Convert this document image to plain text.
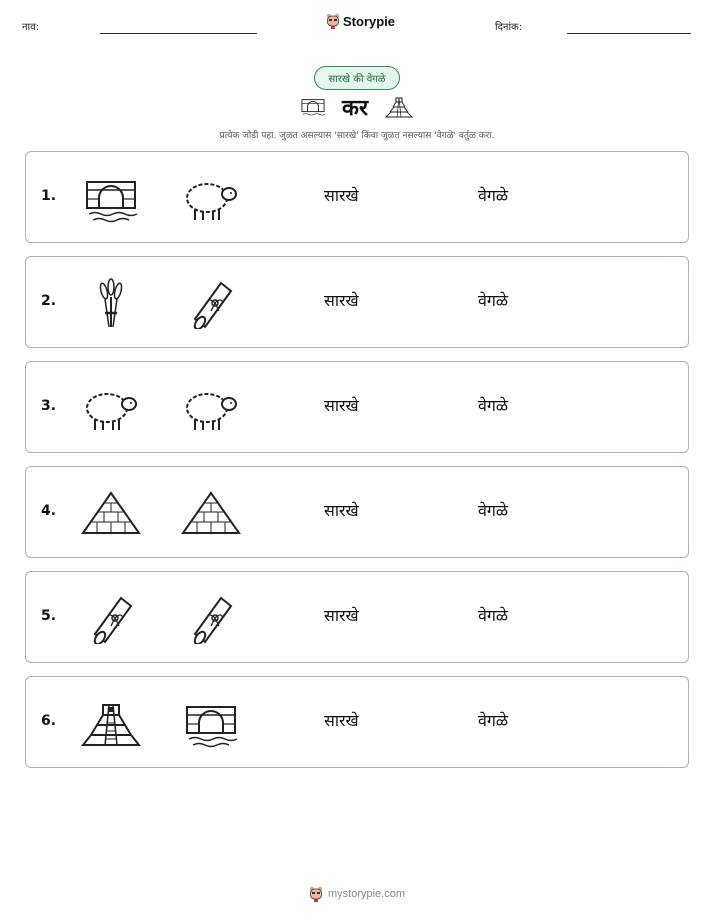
नाव:	Storypie	दिनांक:
सारखे की वेगळे
कर
प्रत्येक जोडी पहा. जुळत असल्यास 'सारखे' किंवा जुळत नसल्यास 'वेगळे' वर्तुळ करा.
1.	सारखे	वेगळे
2.	सारखे	वेगळे
3.	सारखे	वेगळे
4.	सारखे	वेगळे
5.	सारखे	वेगळे
6.	सारखे	वेगळे
mystorypie.com
